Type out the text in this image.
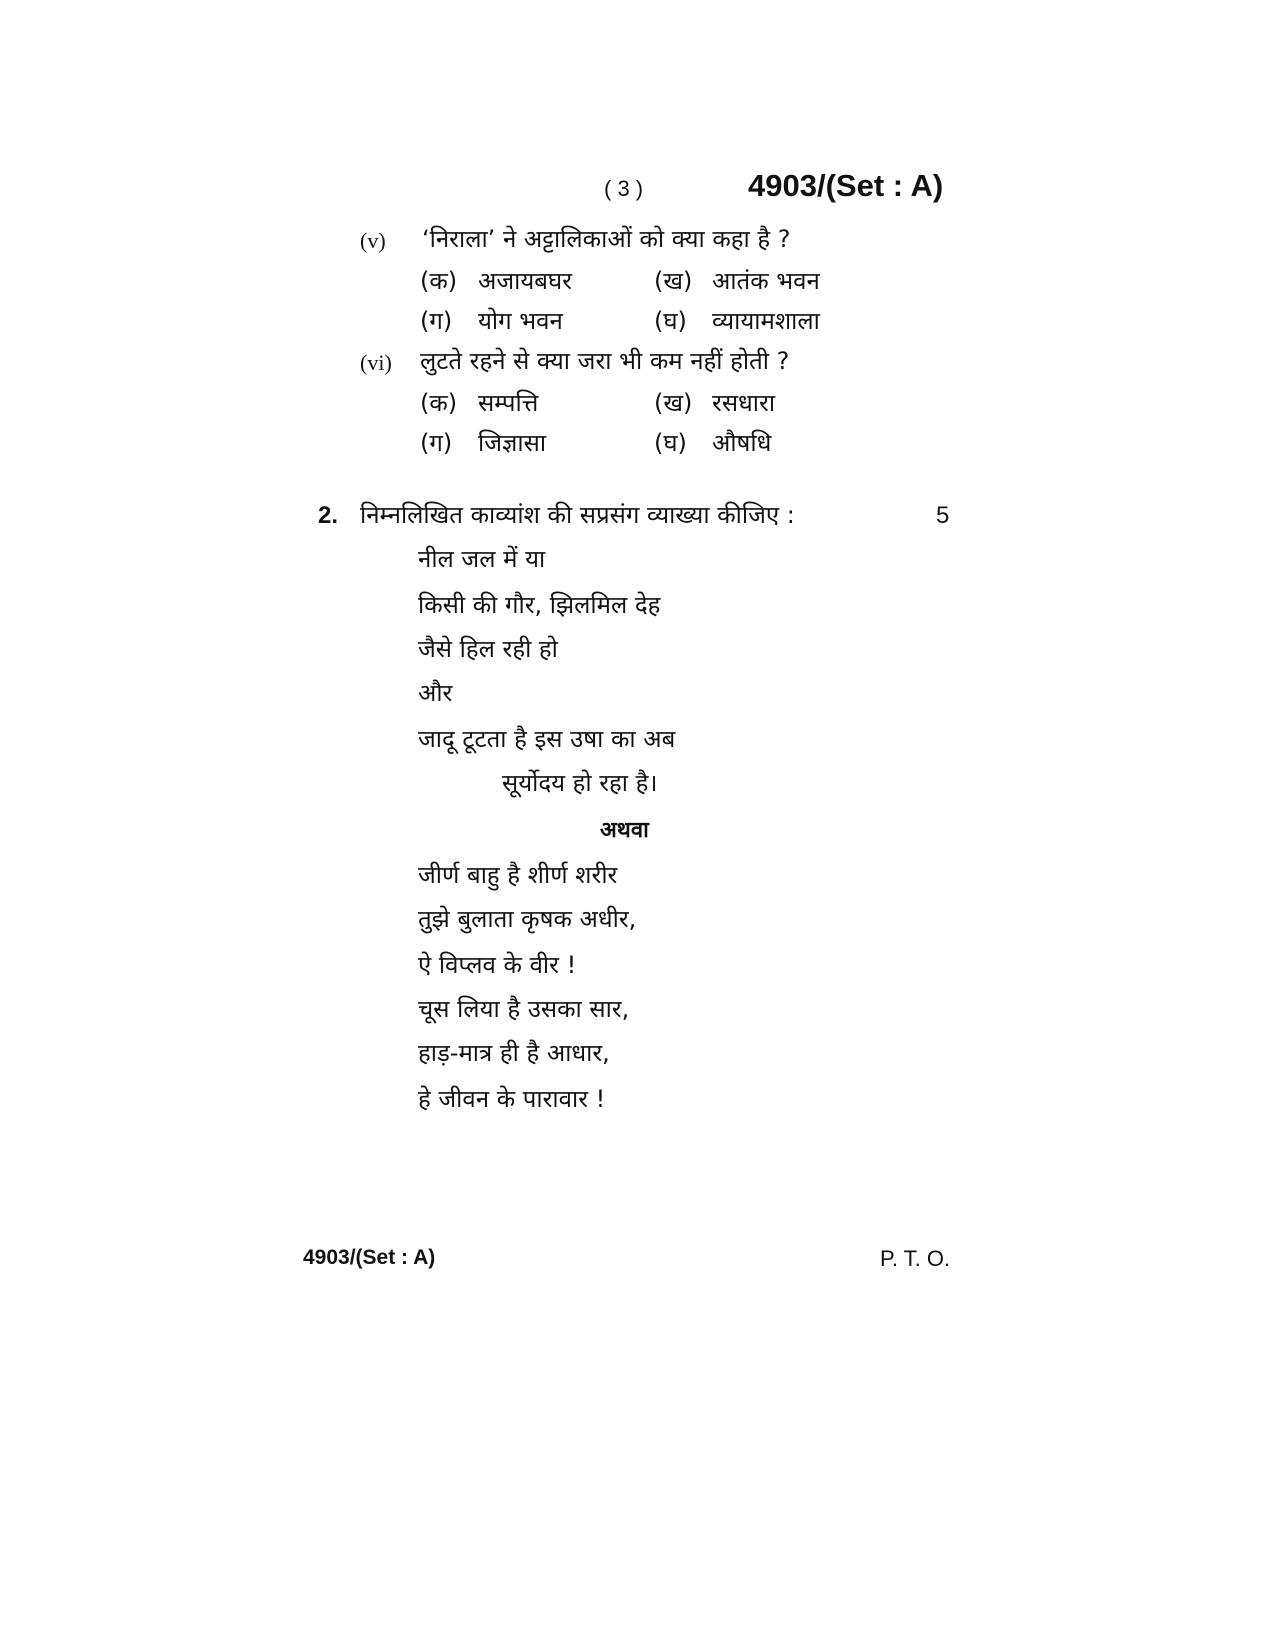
( 3 )	4903/(Set : A)
(v) ‘निराला’ ने अट्टालिकाओं को क्या कहा है ?
(क) अजायबघर	(ख) आतंक भवन
(ग) योग भवन	(घ) व्यायामशाला
(vi) लुटते रहने से क्या जरा भी कम नहीं होती ?
(क) सम्पत्ति	(ख) रसधारा
(ग) जिज्ञासा	(घ) औषधि
2. निम्नलिखित काव्यांश की सप्रसंग व्याख्या कीजिए :	5
नील जल में या
किसी की गौर, झिलमिल देह
जैसे हिल रही हो
और
जादू टूटता है इस उषा का अब
सूर्योदय हो रहा है।
अथवा
जीर्ण बाहु है शीर्ण शरीर
तुझे बुलाता कृषक अधीर,
ऐ विप्लव के वीर !
चूस लिया है उसका सार,
हाड़-मात्र ही है आधार,
हे जीवन के पारावार !
4903/(Set : A)	P. T. O.
